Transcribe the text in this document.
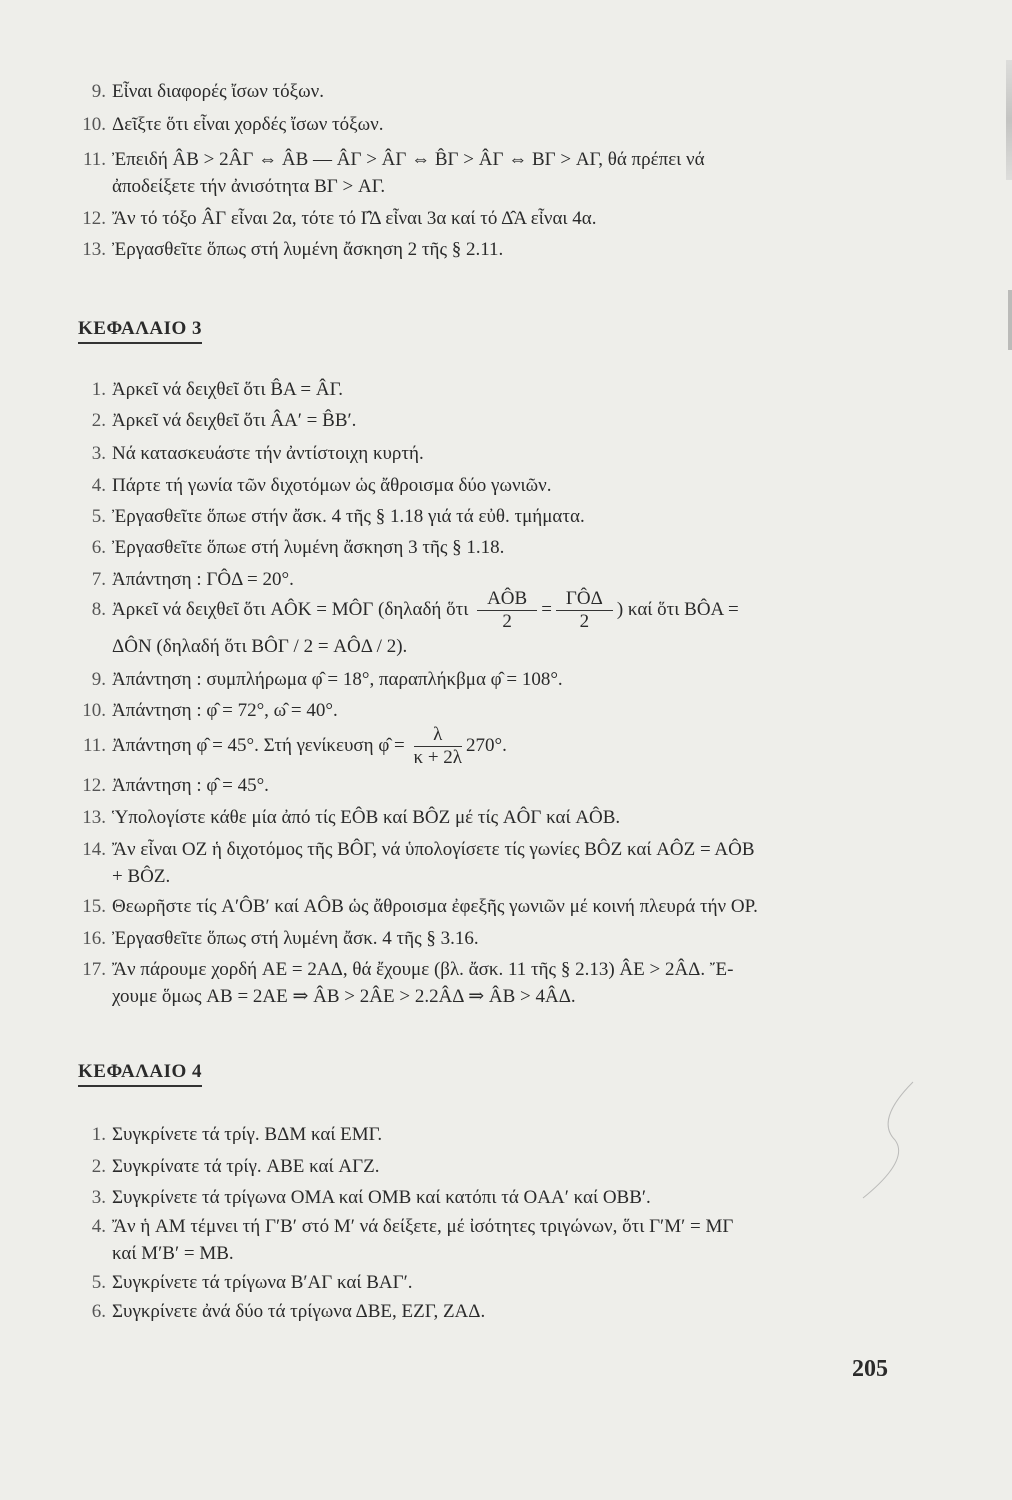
9. Εἶναι διαφορές ἴσων τόξων.
10. Δεῖξτε ὅτι εἶναι χορδές ἴσων τόξων.
11. Ἐπειδή ÂB > 2ÂΓ ⇔ ÂB — ÂΓ > ÂΓ ⇔ B̂Γ > ÂΓ ⇔ BΓ > AΓ, θά πρέπει νά
ἀποδείξετε τήν ἀνισότητα BΓ > AΓ.
12. Ἄν τό τόξο ÂΓ εἶναι 2α, τότε τό Γ̂Δ εἶναι 3α καί τό Δ̂A εἶναι 4α.
13. Ἐργασθεῖτε ὅπως στή λυμένη ἄσκηση 2 τῆς § 2.11.
ΚΕΦΑΛΑΙΟ 3
1. Ἀρκεῖ νά δειχθεῖ ὅτι B̂A = ÂΓ.
2. Ἀρκεῖ νά δειχθεῖ ὅτι ÂA′ = B̂B′.
3. Νά κατασκευάστε τήν ἀντίστοιχη κυρτή.
4. Πάρτε τή γωνία τῶν διχοτόμων ὡς ἄθροισμα δύο γωνιῶν.
5. Ἐργασθεῖτε ὅπωε στήν ἄσκ. 4 τῆς § 1.18 γιά τά εὐθ. τμήματα.
6. Ἐργασθεῖτε ὅπωε στή λυμένη ἄσκηση 3 τῆς § 1.18.
7. Ἀπάντηση : ΓÔΔ = 20°.
8. Ἀρκεῖ νά δειχθεῖ ὅτι AÔK = MÔΓ (δηλαδή ὅτι $\frac{\text{AÔB}}{2} = \frac{\text{ΓÔΔ}}{2}$ ) καί ὅτι BÔA =
ΔÔN (δηλαδή ὅτι BÔΓ / 2 = AÔΔ / 2).
9. Ἀπάντηση : συμπλήρωμα φ̂ = 18°, παραπλήκβμα φ̂ = 108°.
10. Ἀπάντηση : φ̂ = 72°, ω̂ = 40°.
11. Ἀπάντηση φ̂ = 45°. Στή γενίκευση φ̂ = $\frac{\lambda}{\kappa + 2\lambda} 270^\circ$.
12. Ἀπάντηση : φ̂ = 45°.
13. Ὑπολογίστε κάθε μία ἀπό τίς EÔB καί BÔZ μέ τίς AÔΓ καί AÔB.
14. Ἄν εἶναι OZ ἡ διχοτόμος τῆς BÔΓ, νά ὑπολογίσετε τίς γωνίες BÔZ καί AÔZ = AÔB
+ BÔZ.
15. Θεωρῆστε τίς A′ÔB′ καί AÔB ὡς ἄθροισμα ἐφεξῆς γωνιῶν μέ κοινή πλευρά τήν OP.
16. Ἐργασθεῖτε ὅπως στή λυμένη ἄσκ. 4 τῆς § 3.16.
17. Ἄν πάρουμε χορδή AE = 2AΔ, θά ἔχουμε (βλ. ἄσκ. 11 τῆς § 2.13) ÂE > 2ÂΔ. Ἔ-
χουμε ὅμως AB = 2AE ⇒ ÂB > 2ÂE > 2.2ÂΔ ⇒ ÂB > 4ÂΔ.
ΚΕΦΑΛΑΙΟ 4
1. Συγκρίνετε τά τρίγ. BΔM καί EMΓ.
2. Συγκρίνατε τά τρίγ. ABE καί AΓZ.
3. Συγκρίνετε τά τρίγωνα OMA καί OMB καί κατόπι τά OAA′ καί OBB′.
4. Ἄν ἡ AM τέμνει τή Γ′B′ στό M′ νά δείξετε, μέ ἰσότητες τριγώνων, ὅτι Γ′M′ = MΓ
καί M′B′ = MB.
5. Συγκρίνετε τά τρίγωνα B′AΓ καί BAΓ′.
6. Συγκρίνετε ἀνά δύο τά τρίγωνα ΔBE, EZΓ, ZAΔ.
205
